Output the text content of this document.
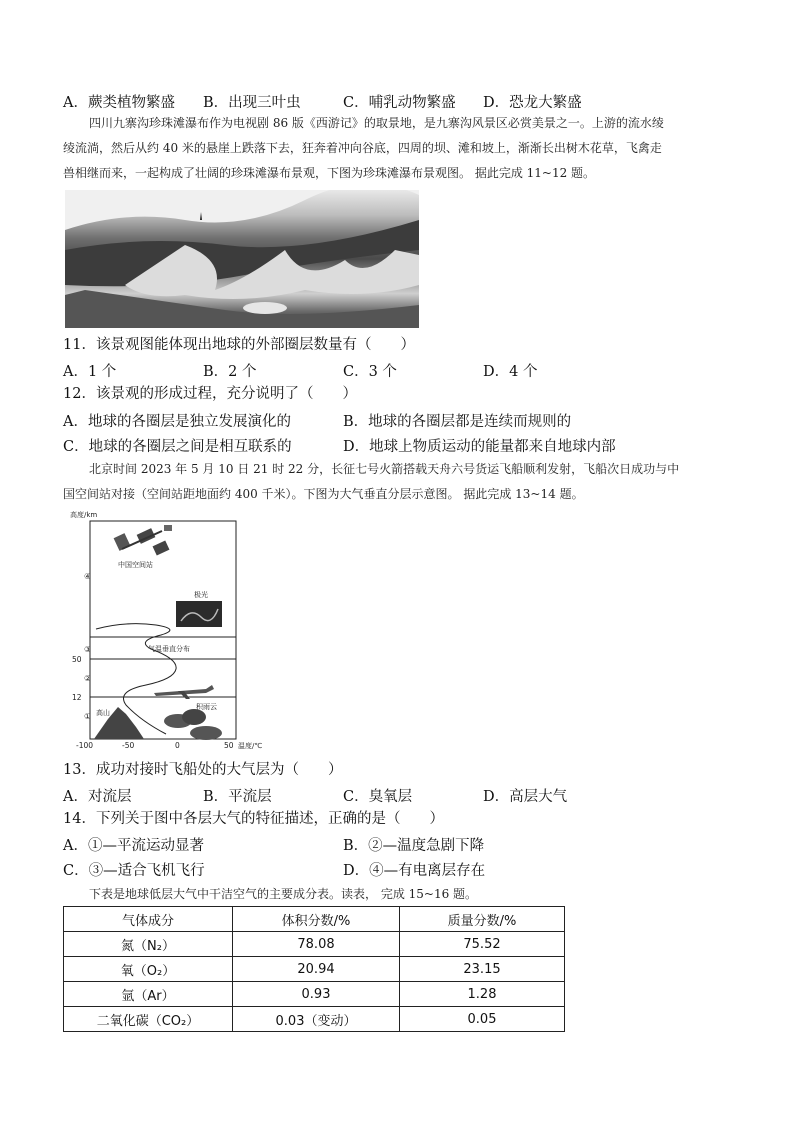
A．蕨类植物繁盛 B．出现三叶虫	C．哺乳动物繁盛 D．恐龙大繁盛
四川九寨沟珍珠滩瀑布作为电视剧 86 版《西游记》的取景地，是九寨沟风景区必赏美景之一。上游的流水绫
绫流淌，然后从约 40 米的悬崖上跌落下去，狂奔着冲向谷底，四周的坝、滩和坡上，渐渐长出树木花草，飞禽走
兽相继而来，一起构成了壮阔的珍珠滩瀑布景观，下图为珍珠滩瀑布景观图。 据此完成 11~12 题。
11．该景观图能体现出地球的外部圈层数量有（　　）
A．1 个	B．2 个	C．3 个	D．4 个
12．该景观的形成过程，充分说明了（　　）
A．地球的各圈层是独立发展演化的	B．地球的各圈层都是连续而规则的
C．地球的各圈层之间是相互联系的	D．地球上物质运动的能量都来自地球内部
北京时间 2023 年 5 月 10 日 21 时 22 分，长征七号火箭搭载天舟六号货运飞船顺利发射，飞船次日成功与中
国空间站对接（空间站距地面约 400 千米）。下图为大气垂直分层示意图。 据此完成 13~14 题。
高度/km
50
12
-100	-50	0	50 温度/℃
④
③
②
①
中国空间站
极光
气温垂直分布
高山
积雨云
13．成功对接时飞船处的大气层为（　　）
A．对流层	B．平流层	C．臭氧层	D．高层大气
14．下列关于图中各层大气的特征描述，正确的是（　　）
A．①—平流运动显著	B．②—温度急剧下降
C．③—适合飞机飞行	D．④—有电离层存在
下表是地球低层大气中干洁空气的主要成分表。读表， 完成 15~16 题。
气体成分	体积分数/%	质量分数/%
氮（N₂）	78.08	75.52
氧（O₂）	20.94	23.15
氩（Ar）	0.93	1.28
二氧化碳（CO₂）	0.03（变动）	0.05
